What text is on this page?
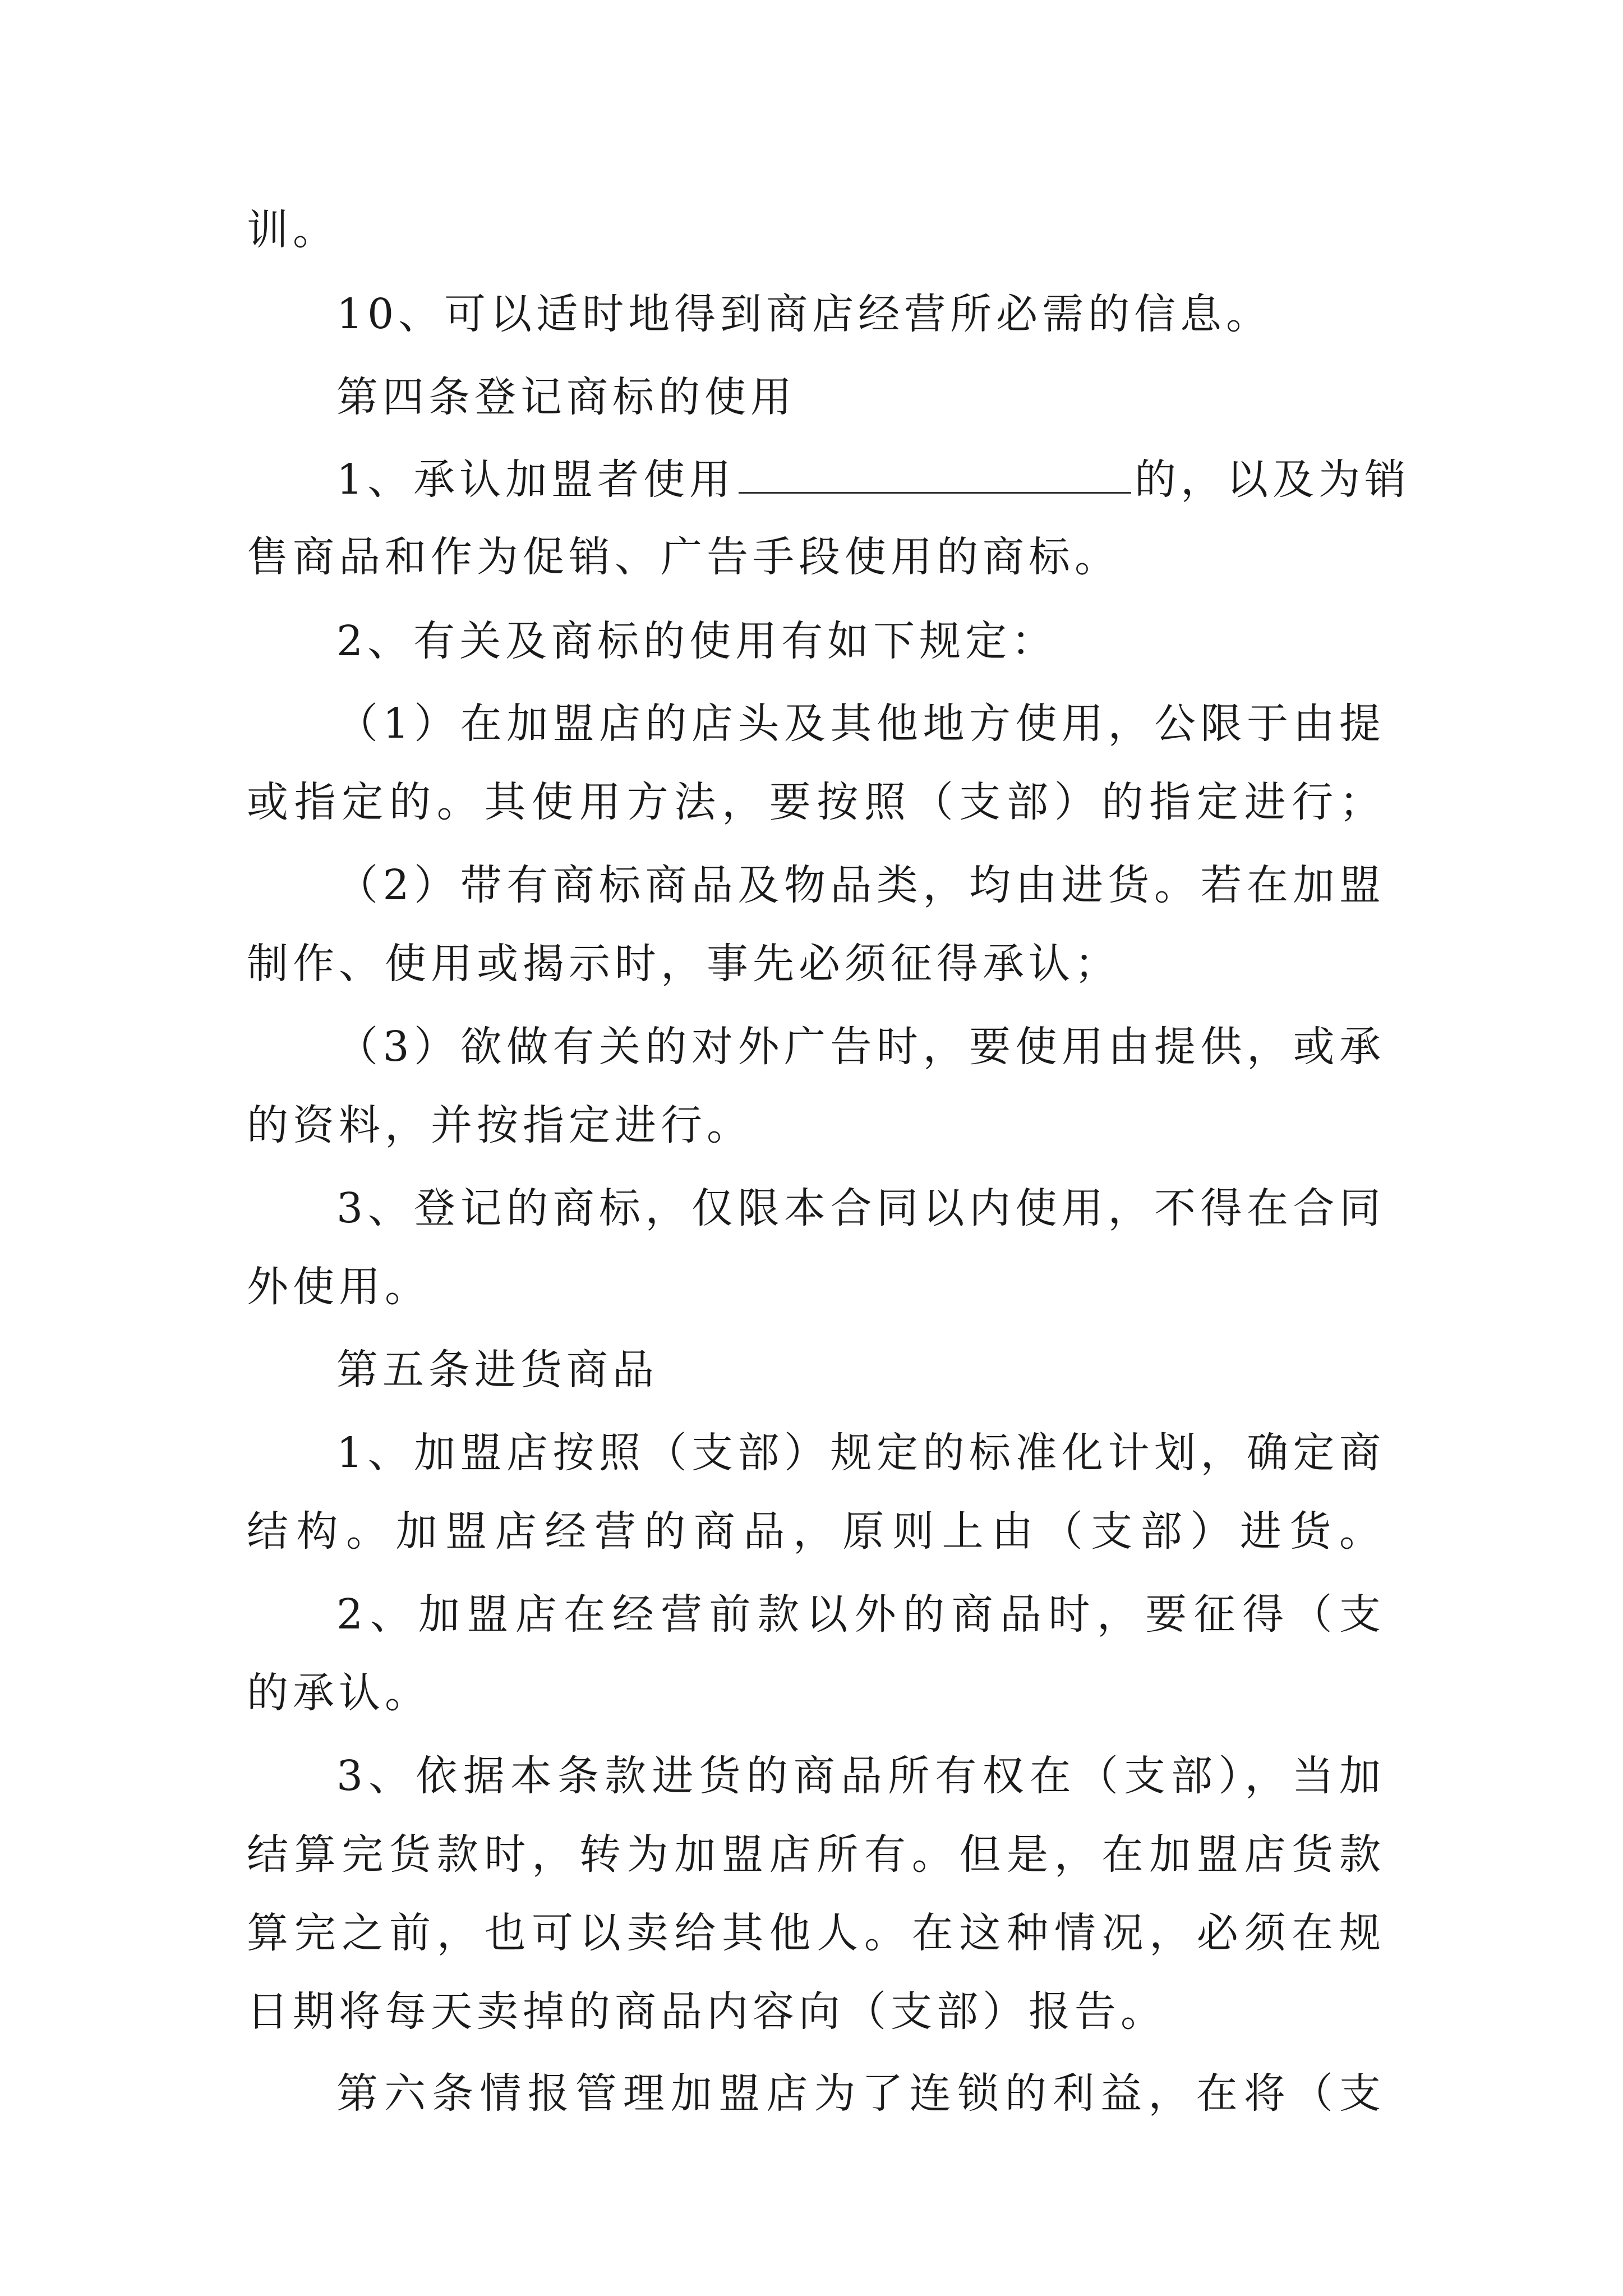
训。
10、可以适时地得到商店经营所必需的信息。
第四条登记商标的使用
1、承认加盟者使用	的，以及为销
售商品和作为促销、广告手段使用的商标。
2、有关及商标的使用有如下规定：
（1）在加盟店的店头及其他地方使用，公限于由提
或指定的。其使用方法，要按照（支部）的指定进行；
（2）带有商标商品及物品类，均由进货。若在加盟
制作、使用或揭示时，事先必须征得承认；
（3）欲做有关的对外广告时，要使用由提供，或承
的资料，并按指定进行。
3、登记的商标，仅限本合同以内使用，不得在合同
外使用。
第五条进货商品
1、加盟店按照（支部）规定的标准化计划，确定商
结构。加盟店经营的商品，原则上由（支部）进货。
2、加盟店在经营前款以外的商品时，要征得（支
的承认。
3、依据本条款进货的商品所有权在（支部），当加
结算完货款时，转为加盟店所有。但是，在加盟店货款
算完之前，也可以卖给其他人。在这种情况，必须在规
日期将每天卖掉的商品内容向（支部）报告。
第六条情报管理加盟店为了连锁的利益，在将（支
